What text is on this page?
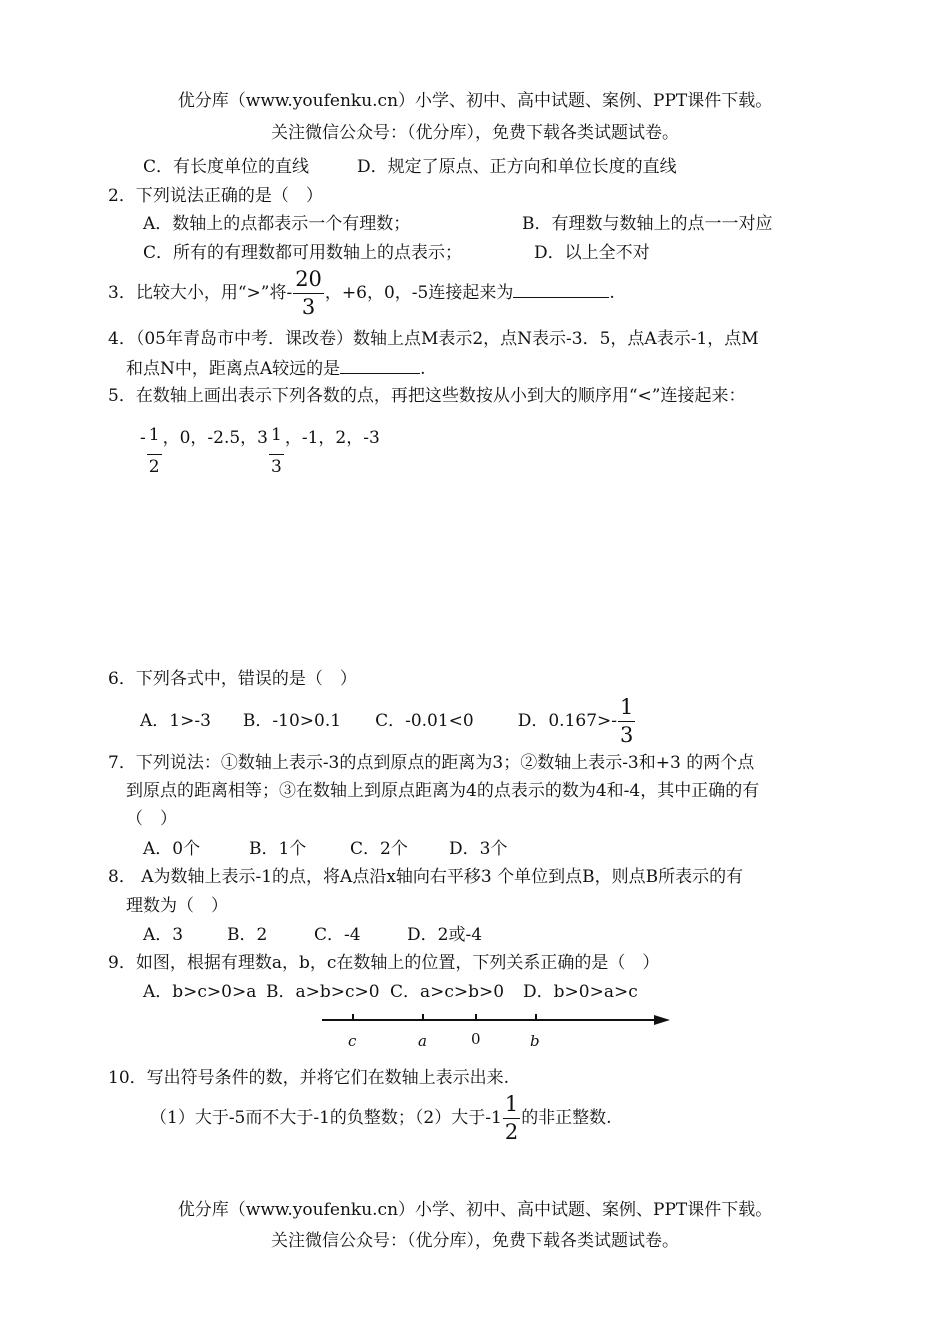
优分库（www.youfenku.cn）小学、初中、高中试题、案例、PPT课件下载。
关注微信公众号：（优分库），免费下载各类试题试卷。
C．有长度单位的直线	D．规定了原点、正方向和单位长度的直线
2．下列说法正确的是（　）
A．数轴上的点都表示一个有理数；	B．有理数与数轴上的点一一对应
C．所有的有理数都可用数轴上的点表示；	D．以上全不对
3．比较大小，用“>”将- $\frac{20}{3}$ ，+6，0，-5连接起来为	.
4．（05年青岛市中考．课改卷）数轴上点M表示2，点N表示-3．5，点A表示-1，点M
和点N中，距离点A较远的是	.
5．在数轴上画出表示下列各数的点，再把这些数按从小到大的顺序用“<”连接起来：
- $\frac{1}{2}$ ，0，-2.5，$3 \frac{1}{3}$ ，-1，2，-3
6．下列各式中，错误的是（　）
A．1>-3 B．-10>0.1 C．-0.01<0	D．$0.167>- \frac{1}{3}$
7．下列说法：①数轴上表示-3的点到原点的距离为3；②数轴上表示-3和+3 的两个点
到原点的距离相等；③在数轴上到原点距离为4的点表示的数为4和-4，其中正确的有
（　）
A．0个	B．1个	C．2个 D．3个
8． A为数轴上表示-1的点，将A点沿x轴向右平移3 个单位到点B，则点B所表示的有
理数为（　）
A．3	B．2	C．-4	D．2或-4
9．如图，根据有理数a，b，c在数轴上的位置，下列关系正确的是（　）
A．b>c>0>a B．a>b>c>0 C．a>c>b>0 D．b>0>a>c
c	a	0	b
10．写出符号条件的数，并将它们在数轴上表示出来.
（1）大于-5而不大于-1的负整数；（2）大于$-1 \frac{1}{2}$ 的非正整数.
优分库（www.youfenku.cn）小学、初中、高中试题、案例、PPT课件下载。
关注微信公众号：（优分库），免费下载各类试题试卷。
